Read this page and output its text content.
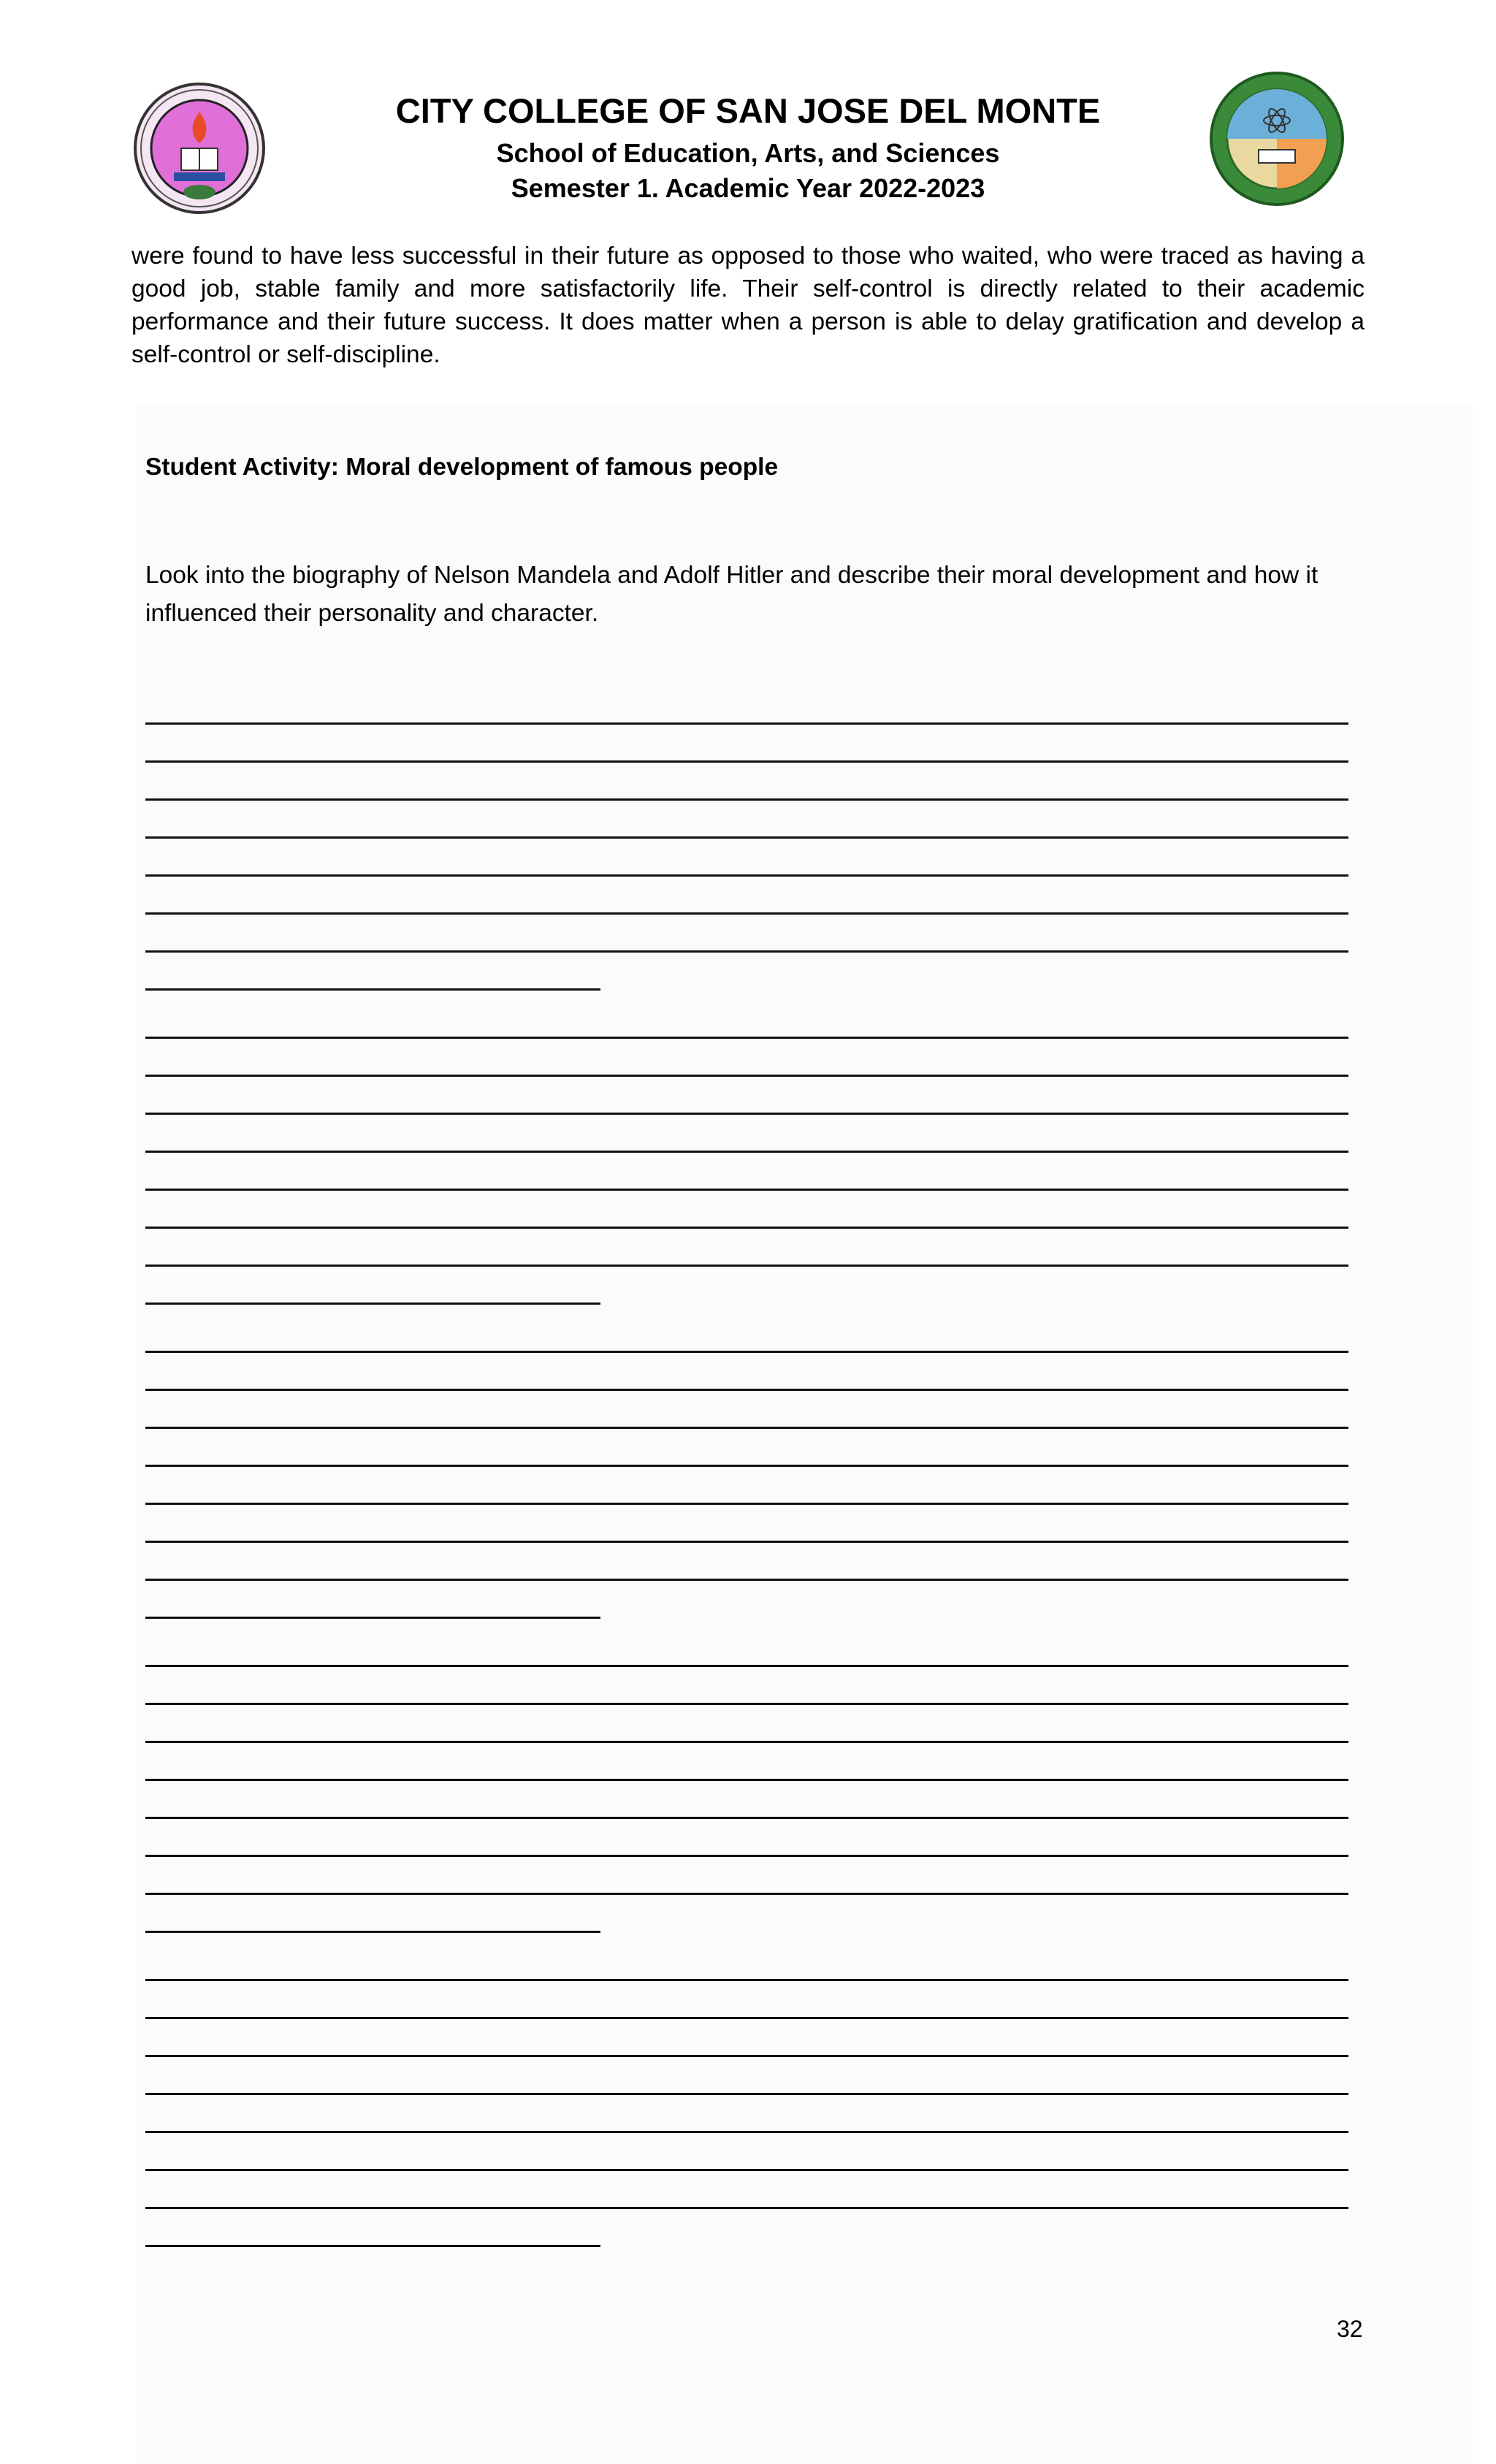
CITY COLLEGE OF SAN JOSE DEL MONTE
School of Education, Arts, and Sciences
Semester 1. Academic Year 2022-2023

were found to have less successful in their future as opposed to those who waited, who were traced as having a good job, stable family and more satisfactorily life. Their self-control is directly related to their academic performance and their future success. It does matter when a person is able to delay gratification and develop a self-control or self-discipline.

Student Activity: Moral development of famous people

Look into the biography of Nelson Mandela and Adolf Hitler and describe their moral development and how it influenced their personality and character.

32
